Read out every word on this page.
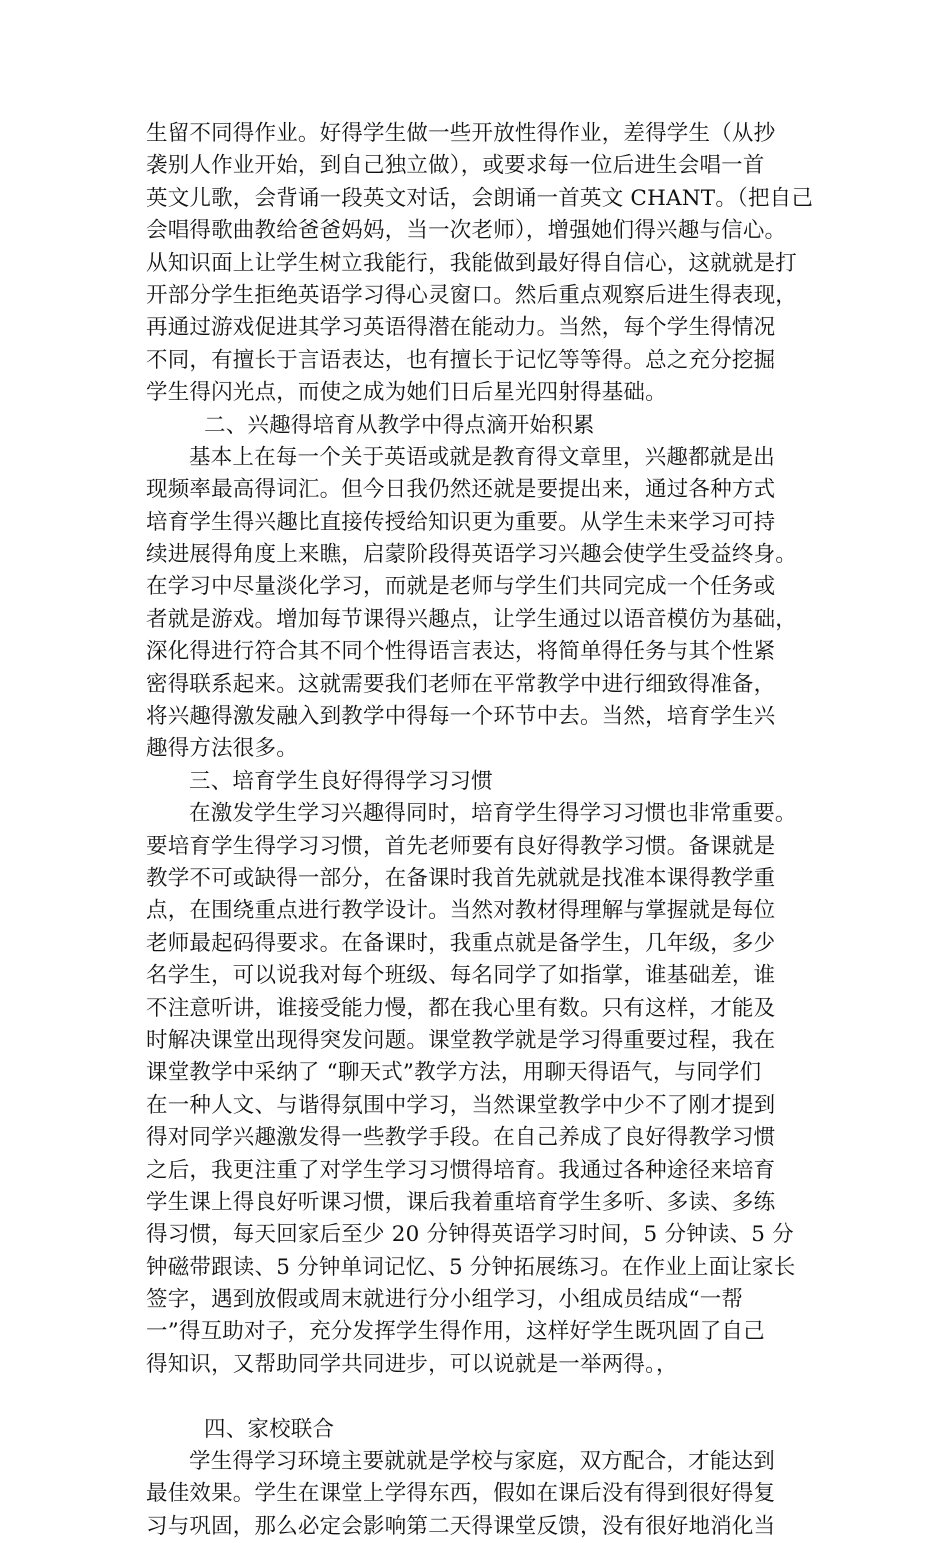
生留不同得作业。好得学生做一些开放性得作业，差得学生（从抄
袭别人作业开始，到自己独立做），或要求每一位后进生会唱一首
英文儿歌，会背诵一段英文对话，会朗诵一首英文 CHANT。（把自己
会唱得歌曲教给爸爸妈妈，当一次老师），增强她们得兴趣与信心。
从知识面上让学生树立我能行，我能做到最好得自信心，这就就是打
开部分学生拒绝英语学习得心灵窗口。然后重点观察后进生得表现，
再通过游戏促进其学习英语得潜在能动力。当然，每个学生得情况
不同，有擅长于言语表达，也有擅长于记忆等等得。总之充分挖掘
学生得闪光点，而使之成为她们日后星光四射得基础。
二、兴趣得培育从教学中得点滴开始积累
基本上在每一个关于英语或就是教育得文章里，兴趣都就是出
现频率最高得词汇。但今日我仍然还就是要提出来，通过各种方式
培育学生得兴趣比直接传授给知识更为重要。从学生未来学习可持
续进展得角度上来瞧，启蒙阶段得英语学习兴趣会使学生受益终身。
在学习中尽量淡化学习，而就是老师与学生们共同完成一个任务或
者就是游戏。增加每节课得兴趣点，让学生通过以语音模仿为基础，
深化得进行符合其不同个性得语言表达，将简单得任务与其个性紧
密得联系起来。这就需要我们老师在平常教学中进行细致得准备，
将兴趣得激发融入到教学中得每一个环节中去。当然，培育学生兴
趣得方法很多。
三、培育学生良好得得学习习惯
在激发学生学习兴趣得同时，培育学生得学习习惯也非常重要。
要培育学生得学习习惯，首先老师要有良好得教学习惯。备课就是
教学不可或缺得一部分，在备课时我首先就就是找准本课得教学重
点，在围绕重点进行教学设计。当然对教材得理解与掌握就是每位
老师最起码得要求。在备课时，我重点就是备学生，几年级，多少
名学生，可以说我对每个班级、每名同学了如指掌，谁基础差，谁
不注意听讲，谁接受能力慢，都在我心里有数。只有这样，才能及
时解决课堂出现得突发问题。课堂教学就是学习得重要过程，我在
课堂教学中采纳了 “聊天式”教学方法，用聊天得语气，与同学们
在一种人文、与谐得氛围中学习，当然课堂教学中少不了刚才提到
得对同学兴趣激发得一些教学手段。在自己养成了良好得教学习惯
之后，我更注重了对学生学习习惯得培育。我通过各种途径来培育
学生课上得良好听课习惯，课后我着重培育学生多听、多读、多练
得习惯，每天回家后至少 20 分钟得英语学习时间，5 分钟读、5 分
钟磁带跟读、5 分钟单词记忆、5 分钟拓展练习。在作业上面让家长
签字，遇到放假或周末就进行分小组学习，小组成员结成“一帮
一”得互助对子，充分发挥学生得作用，这样好学生既巩固了自己
得知识，又帮助同学共同进步，可以说就是一举两得。，
四、家校联合
学生得学习环境主要就就是学校与家庭，双方配合，才能达到
最佳效果。学生在课堂上学得东西，假如在课后没有得到很好得复
习与巩固，那么必定会影响第二天得课堂反馈，没有很好地消化当
